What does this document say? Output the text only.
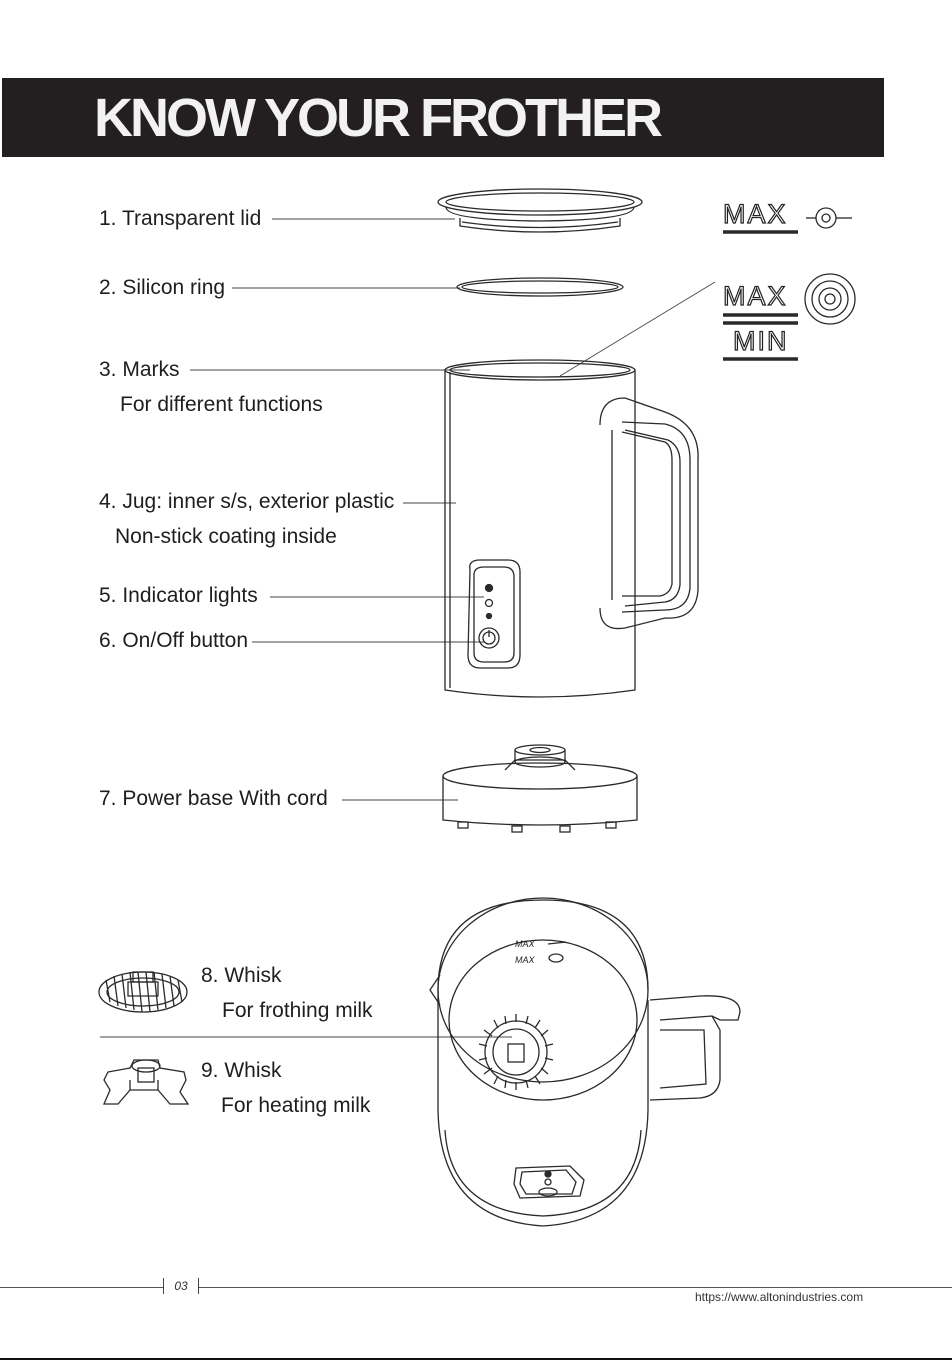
KNOW YOUR FROTHER
MAX
MAX
MIN
MAX
MAX
1. Transparent lid
2. Silicon ring
3. Marks
For different functions
4. Jug: inner s/s, exterior plastic
Non-stick coating inside
5. Indicator lights
6. On/Off button
7. Power base With cord
8. Whisk
For frothing milk
9. Whisk
For heating milk
03
https://www.altonindustries.com
